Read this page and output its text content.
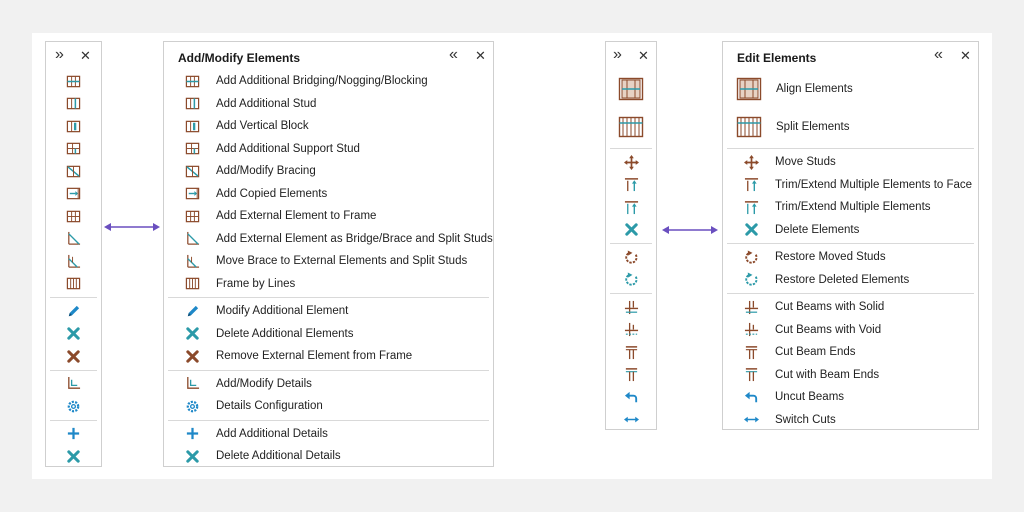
» ✕	Add/Modify Elements	« ✕
Add Additional Bridging/Nogging/Blocking
Add Additional Stud
Add Vertical Block
Add Additional Support Stud
Add/Modify Bracing
Add Copied Elements
Add External Element to Frame
Add External Element as Bridge/Brace and Split Studs
Move Brace to External Elements and Split Studs
Frame by Lines
Modify Additional Element
Delete Additional Elements
Remove External Element from Frame
Add/Modify Details
Details Configuration
Add Additional Details
Delete Additional Details
» ✕	Edit Elements	« ✕
Align Elements
Split Elements
Move Studs
Trim/Extend Multiple Elements to Face
Trim/Extend Multiple Elements
Delete Elements
Restore Moved Studs
Restore Deleted Elements
Cut Beams with Solid
Cut Beams with Void
Cut Beam Ends
Cut with Beam Ends
Uncut Beams
Switch Cuts
